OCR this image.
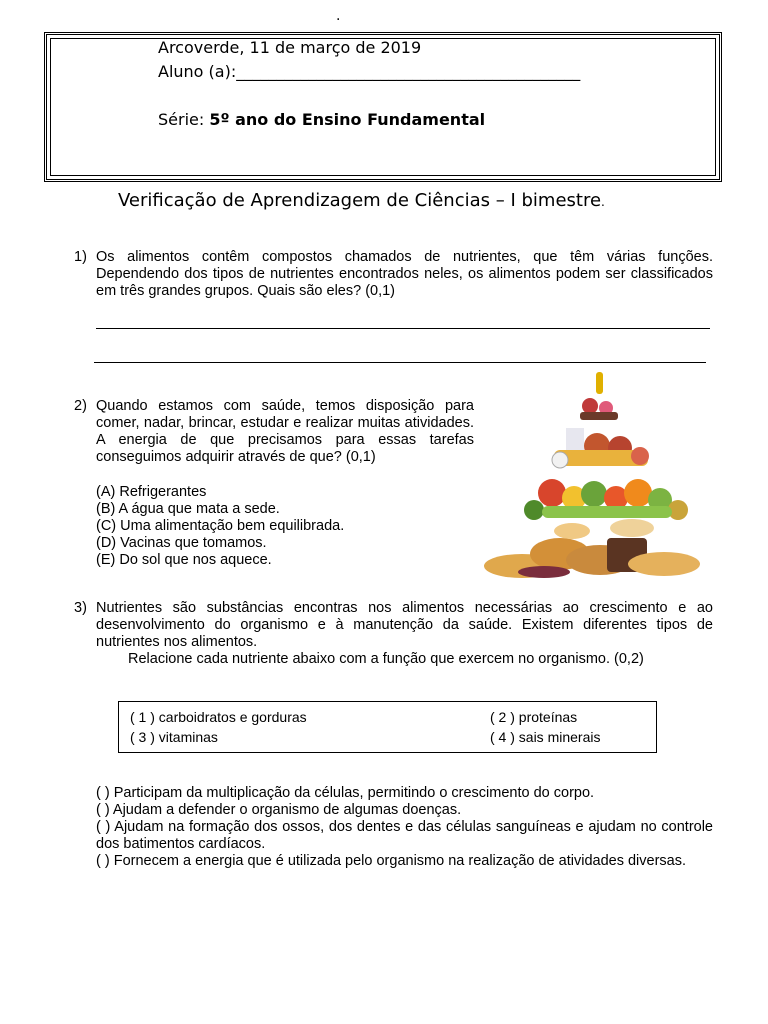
.
Arcoverde, 11 de março de 2019
Aluno (a):___________________________________________
Série: 5º ano do Ensino Fundamental
Verificação de Aprendizagem de Ciências – I bimestre.
1) Os alimentos contêm compostos chamados de nutrientes, que têm várias funções. Dependendo dos tipos de nutrientes encontrados neles, os alimentos podem ser classificados em três grandes grupos. Quais são eles? (0,1)
2) Quando estamos com saúde, temos disposição para comer, nadar, brincar, estudar e realizar muitas atividades. A energia de que precisamos para essas tarefas conseguimos adquirir através de que? (0,1)
(A) Refrigerantes
(B) A água que mata a sede.
(C) Uma alimentação bem equilibrada.
(D) Vacinas que tomamos.
(E) Do sol que nos aquece.
3) Nutrientes são substâncias encontras nos alimentos necessárias ao crescimento e ao desenvolvimento do organismo e à manutenção da saúde. Existem diferentes tipos de nutrientes nos alimentos.
Relacione cada nutriente abaixo com a função que exercem no organismo. (0,2)
( 1 ) carboidratos e gorduras	( 2 ) proteínas
( 3 ) vitaminas	( 4 ) sais minerais
( ) Participam da multiplicação da células, permitindo o crescimento do corpo.
( ) Ajudam a defender o organismo de algumas doenças.
( ) Ajudam na formação dos ossos, dos dentes e das células sanguíneas e ajudam no controle dos batimentos cardíacos.
( ) Fornecem a energia que é utilizada pelo organismo na realização de atividades diversas.
